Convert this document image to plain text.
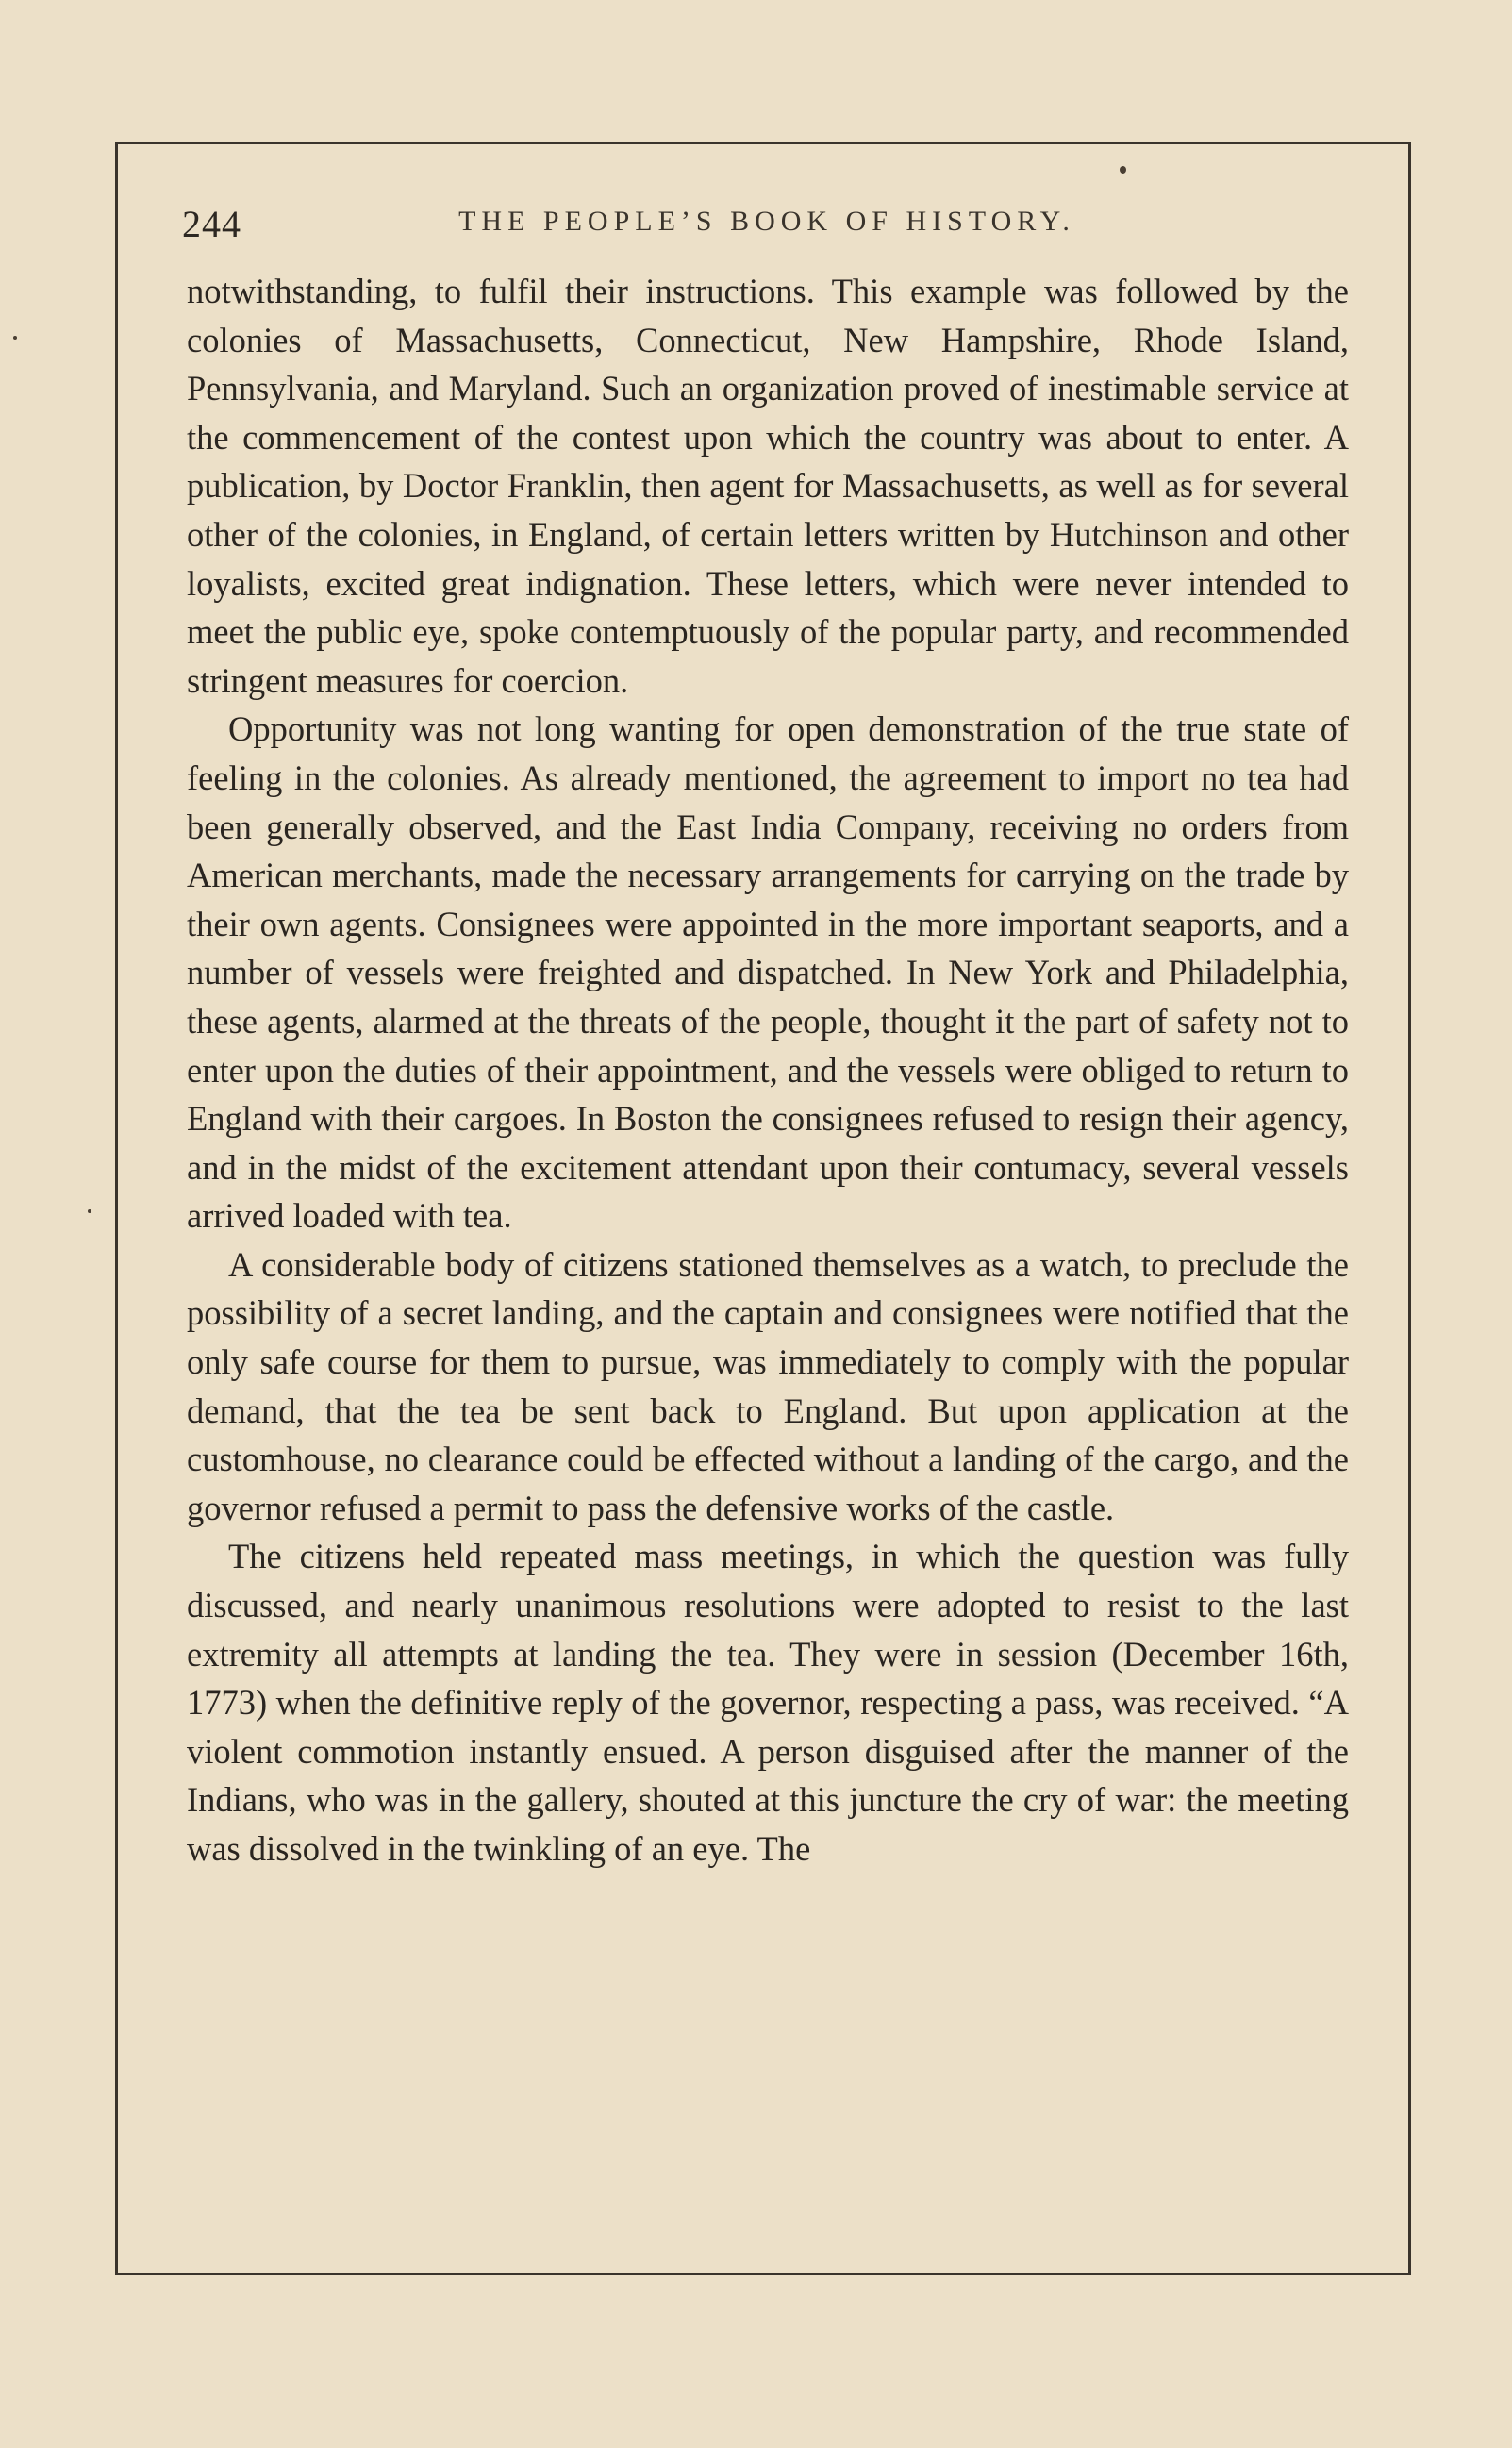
244	THE PEOPLE’S BOOK OF HISTORY.

notwithstanding, to fulfil their instructions. This example was followed by the colonies of Massachusetts, Connecticut, New Hampshire, Rhode Island, Pennsylvania, and Maryland. Such an organization proved of inestimable service at the commencement of the contest upon which the country was about to enter. A publication, by Doctor Franklin, then agent for Massachusetts, as well as for several other of the colonies, in England, of certain letters written by Hutchinson and other loyalists, excited great indignation. These letters, which were never intended to meet the public eye, spoke contemptuously of the popular party, and recommended stringent measures for coercion.

Opportunity was not long wanting for open demonstration of the true state of feeling in the colonies. As already mentioned, the agreement to import no tea had been generally observed, and the East India Company, receiving no orders from American merchants, made the necessary arrangements for carrying on the trade by their own agents. Consignees were appointed in the more important seaports, and a number of vessels were freighted and dispatched. In New York and Philadelphia, these agents, alarmed at the threats of the people, thought it the part of safety not to enter upon the duties of their appointment, and the vessels were obliged to return to England with their cargoes. In Boston the consignees refused to resign their agency, and in the midst of the excitement attendant upon their contumacy, several vessels arrived loaded with tea.

A considerable body of citizens stationed themselves as a watch, to preclude the possibility of a secret landing, and the captain and consignees were notified that the only safe course for them to pursue, was immediately to comply with the popular demand, that the tea be sent back to England. But upon application at the customhouse, no clearance could be effected without a landing of the cargo, and the governor refused a permit to pass the defensive works of the castle.

The citizens held repeated mass meetings, in which the question was fully discussed, and nearly unanimous resolutions were adopted to resist to the last extremity all attempts at landing the tea. They were in session (December 16th, 1773) when the definitive reply of the governor, respecting a pass, was received. “A violent commotion instantly ensued. A person disguised after the manner of the Indians, who was in the gallery, shouted at this juncture the cry of war: the meeting was dissolved in the twinkling of an eye. The
